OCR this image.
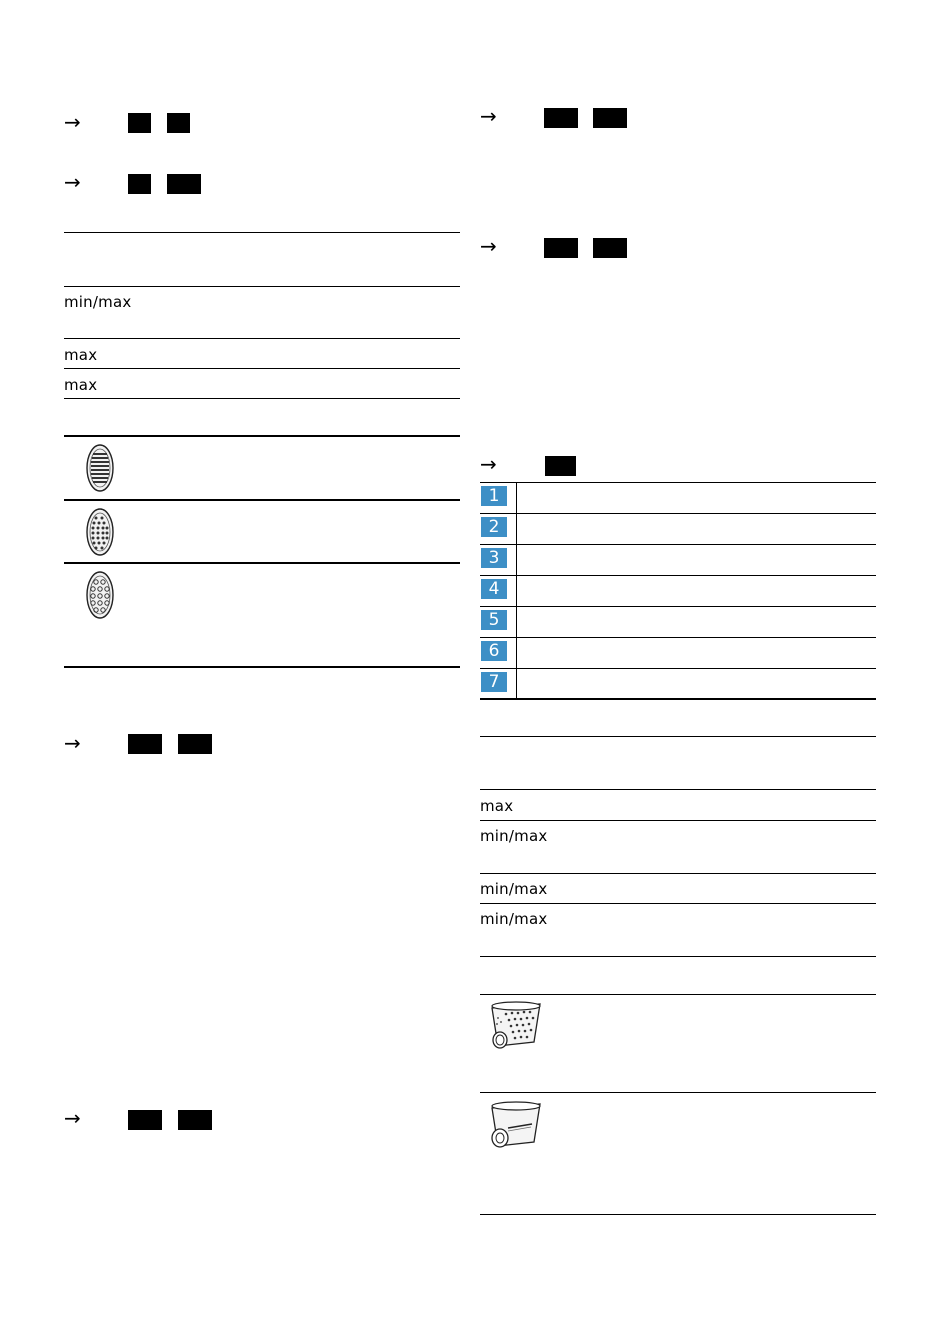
→
→
min/max
max
max
→
→
→
→
→
1
2
3
4
5
6
7
max
min/max
min/max
min/max
